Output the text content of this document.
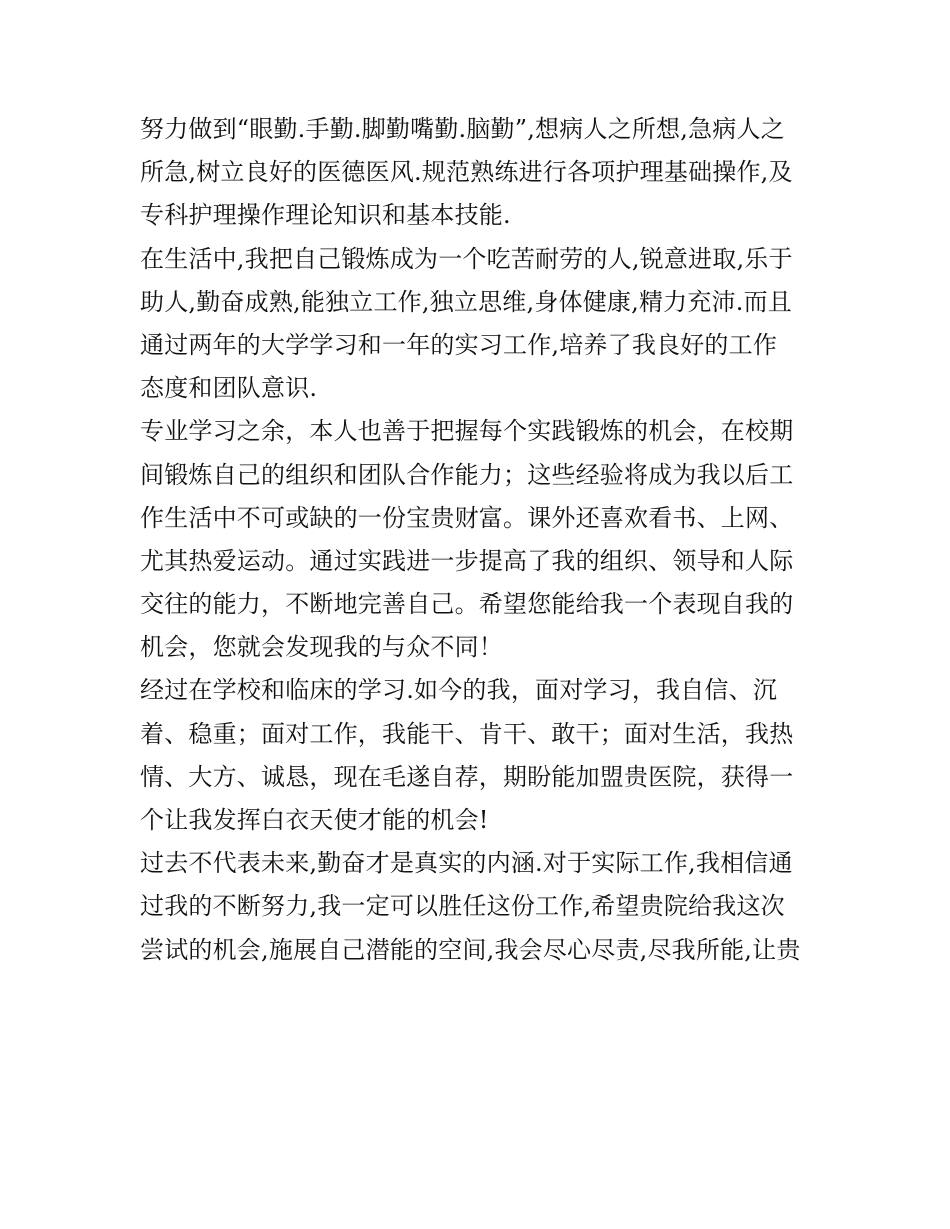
努力做到“眼勤.手勤.脚勤嘴勤.脑勤”,想病人之所想,急病人之
所急,树立良好的医德医风.规范熟练进行各项护理基础操作,及
专科护理操作理论知识和基本技能.
在生活中,我把自己锻炼成为一个吃苦耐劳的人,锐意进取,乐于
助人,勤奋成熟,能独立工作,独立思维,身体健康,精力充沛.而且
通过两年的大学学习和一年的实习工作,培养了我良好的工作
态度和团队意识.
专业学习之余，本人也善于把握每个实践锻炼的机会，在校期
间锻炼自己的组织和团队合作能力；这些经验将成为我以后工
作生活中不可或缺的一份宝贵财富。课外还喜欢看书、上网、
尤其热爱运动。通过实践进一步提高了我的组织、领导和人际
交往的能力，不断地完善自己。希望您能给我一个表现自我的
机会，您就会发现我的与众不同！
经过在学校和临床的学习.如今的我，面对学习，我自信、沉
着、稳重；面对工作，我能干、肯干、敢干；面对生活，我热
情、大方、诚恳，现在毛遂自荐，期盼能加盟贵医院，获得一
个让我发挥白衣天使才能的机会!
过去不代表未来,勤奋才是真实的内涵.对于实际工作,我相信通
过我的不断努力,我一定可以胜任这份工作,希望贵院给我这次
尝试的机会,施展自己潜能的空间,我会尽心尽责,尽我所能,让贵
